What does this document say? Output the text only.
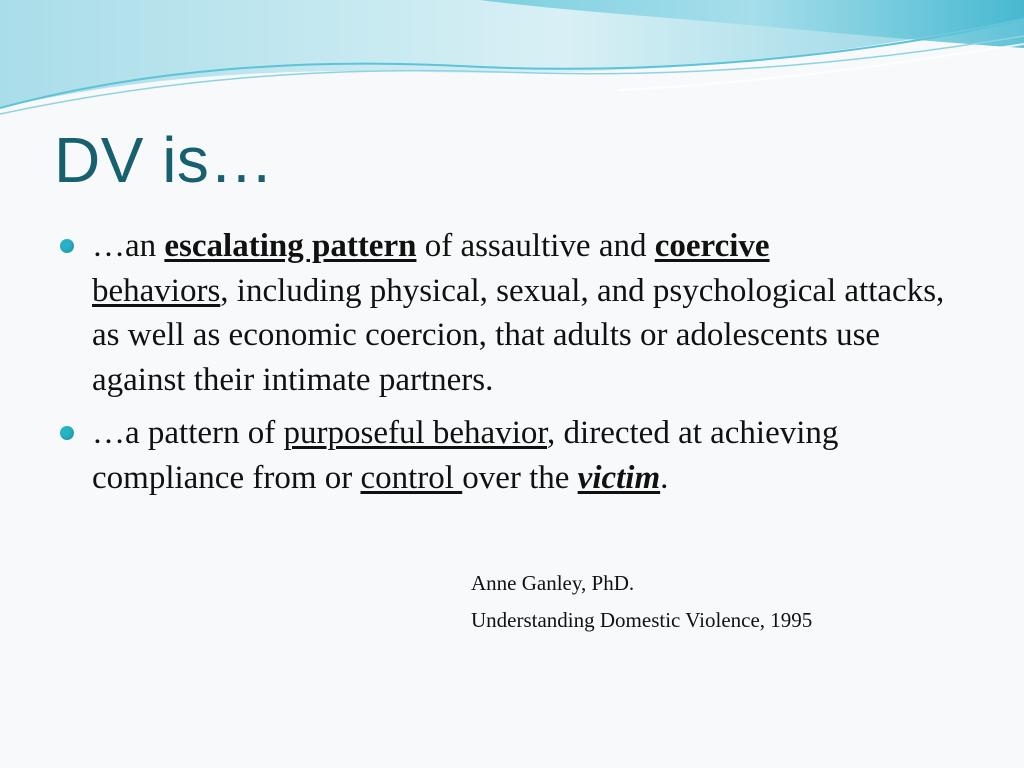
DV is…
…an escalating pattern of assaultive and coercive
behaviors, including physical, sexual, and psychological attacks, as well as economic coercion, that adults or adolescents use against their intimate partners.
…a pattern of purposeful behavior, directed at achieving compliance from or control over the victim.
Anne Ganley, PhD.
Understanding Domestic Violence, 1995
